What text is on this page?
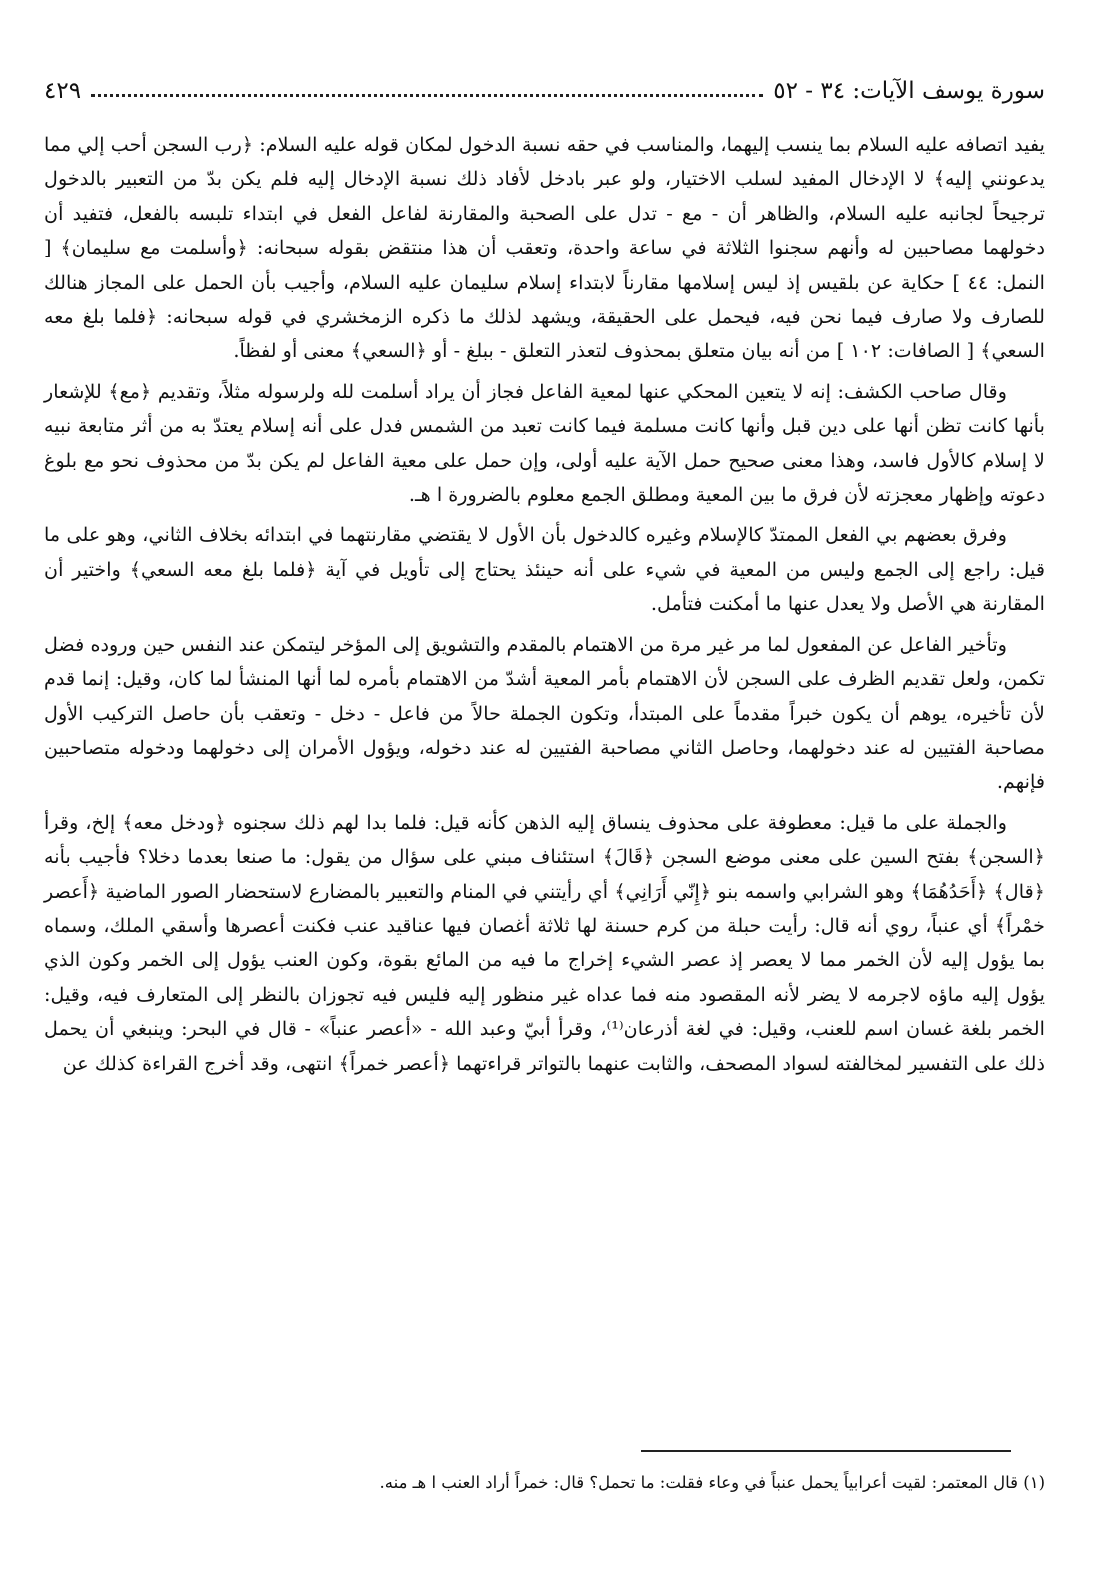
سورة يوسف الآيات: ٣٤ - ٥٢
٤٢٩

يفيد اتصافه عليه السلام بما ينسب إليهما، والمناسب في حقه نسبة الدخول لمكان قوله عليه السلام: ﴿رب السجن أحب إلي مما يدعونني إليه﴾ لا الإدخال المفيد لسلب الاختيار، ولو عبر بادخل لأفاد ذلك نسبة الإدخال إليه فلم يكن بدّ من التعبير بالدخول ترجيحاً لجانبه عليه السلام، والظاهر أن - مع - تدل على الصحبة والمقارنة لفاعل الفعل في ابتداء تلبسه بالفعل، فتفيد أن دخولهما مصاحبين له وأنهم سجنوا الثلاثة في ساعة واحدة، وتعقب أن هذا منتقض بقوله سبحانه: ﴿وأسلمت مع سليمان﴾ [ النمل: ٤٤ ] حكاية عن بلقيس إذ ليس إسلامها مقارناً لابتداء إسلام سليمان عليه السلام، وأجيب بأن الحمل على المجاز هنالك للصارف ولا صارف فيما نحن فيه، فيحمل على الحقيقة، ويشهد لذلك ما ذكره الزمخشري في قوله سبحانه: ﴿فلما بلغ معه السعي﴾ [ الصافات: ١٠٢ ] من أنه بيان متعلق بمحذوف لتعذر التعلق - ببلغ - أو ﴿السعي﴾ معنى أو لفظاً.

وقال صاحب الكشف: إنه لا يتعين المحكي عنها لمعية الفاعل فجاز أن يراد أسلمت لله ولرسوله مثلاً، وتقديم ﴿مع﴾ للإشعار بأنها كانت تظن أنها على دين قبل وأنها كانت مسلمة فيما كانت تعبد من الشمس فدل على أنه إسلام يعتدّ به من أثر متابعة نبيه لا إسلام كالأول فاسد، وهذا معنى صحيح حمل الآية عليه أولى، وإن حمل على معية الفاعل لم يكن بدّ من محذوف نحو مع بلوغ دعوته وإظهار معجزته لأن فرق ما بين المعية ومطلق الجمع معلوم بالضرورة ا هـ.

وفرق بعضهم بي الفعل الممتدّ كالإسلام وغيره كالدخول بأن الأول لا يقتضي مقارنتهما في ابتدائه بخلاف الثاني، وهو على ما قيل: راجع إلى الجمع وليس من المعية في شيء على أنه حينئذ يحتاج إلى تأويل في آية ﴿فلما بلغ معه السعي﴾ واختير أن المقارنة هي الأصل ولا يعدل عنها ما أمكنت فتأمل.

وتأخير الفاعل عن المفعول لما مر غير مرة من الاهتمام بالمقدم والتشويق إلى المؤخر ليتمكن عند النفس حين وروده فضل تكمن، ولعل تقديم الظرف على السجن لأن الاهتمام بأمر المعية أشدّ من الاهتمام بأمره لما أنها المنشأ لما كان، وقيل: إنما قدم لأن تأخيره، يوهم أن يكون خبراً مقدماً على المبتدأ، وتكون الجملة حالاً من فاعل - دخل - وتعقب بأن حاصل التركيب الأول مصاحبة الفتيين له عند دخولهما، وحاصل الثاني مصاحبة الفتيين له عند دخوله، ويؤول الأمران إلى دخولهما ودخوله متصاحبين فإنهم.

والجملة على ما قيل: معطوفة على محذوف ينساق إليه الذهن كأنه قيل: فلما بدا لهم ذلك سجنوه ﴿ودخل معه﴾ إلخ، وقرأ ﴿السجن﴾ بفتح السين على معنى موضع السجن ﴿قَالَ﴾ استئناف مبني على سؤال من يقول: ما صنعا بعدما دخلا؟ فأجيب بأنه ﴿قال﴾ ﴿أَحَدُهُمَا﴾ وهو الشرابي واسمه بنو ﴿إِنّي أَرَانِي﴾ أي رأيتني في المنام والتعبير بالمضارع لاستحضار الصور الماضية ﴿أَعصر خمْراً﴾ أي عنباً، روي أنه قال: رأيت حبلة من كرم حسنة لها ثلاثة أغصان فيها عناقيد عنب فكنت أعصرها وأسقي الملك، وسماه بما يؤول إليه لأن الخمر مما لا يعصر إذ عصر الشيء إخراج ما فيه من المائع بقوة، وكون العنب يؤول إلى الخمر وكون الذي يؤول إليه ماؤه لاجرمه لا يضر لأنه المقصود منه فما عداه غير منظور إليه فليس فيه تجوزان بالنظر إلى المتعارف فيه، وقيل: الخمر بلغة غسان اسم للعنب، وقيل: في لغة أذرعان⁽¹⁾، وقرأ أبيّ وعبد الله - «أعصر عنباً» - قال في البحر: وينبغي أن يحمل ذلك على التفسير لمخالفته لسواد المصحف، والثابت عنهما بالتواتر قراءتهما ﴿أعصر خمراً﴾ انتهى، وقد أخرج القراءة كذلك عن

(١) قال المعتمر: لقيت أعرابياً يحمل عنباً في وعاء فقلت: ما تحمل؟ قال: خمراً أراد العنب ا هـ منه.
